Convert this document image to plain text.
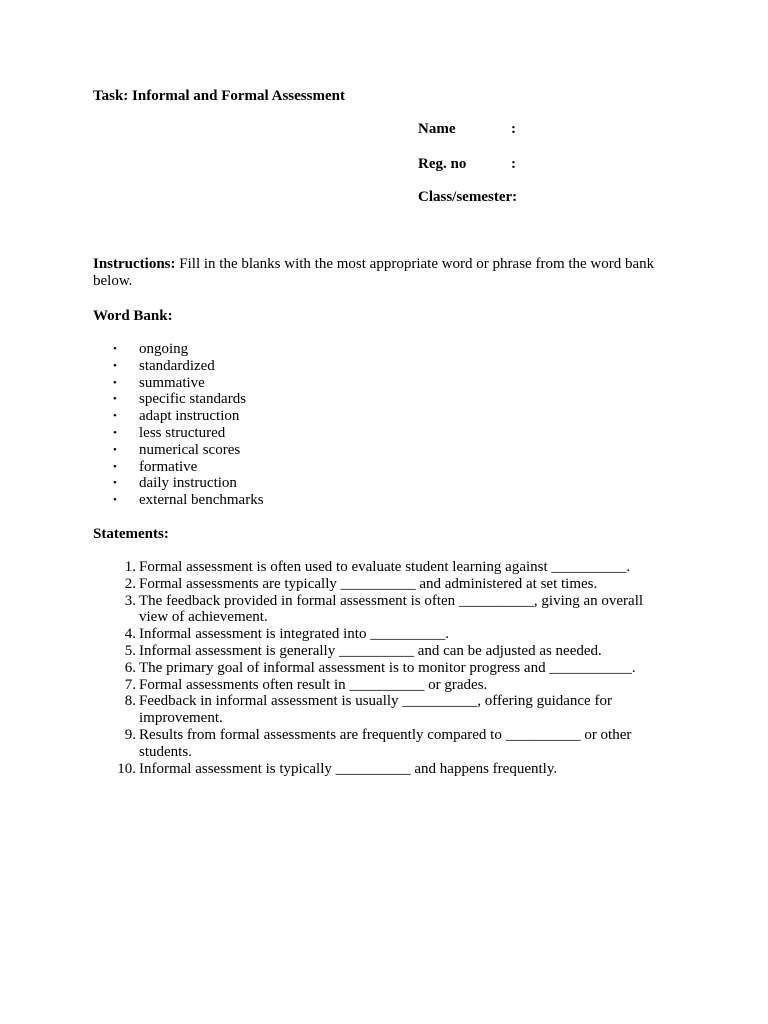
Task: Informal and Formal Assessment
Name	:
Reg. no	:
Class/semester:
Instructions: Fill in the blanks with the most appropriate word or phrase from the word bank below.
Word Bank:
• ongoing
• standardized
• summative
• specific standards
• adapt instruction
• less structured
• numerical scores
• formative
• daily instruction
• external benchmarks
Statements:
1. Formal assessment is often used to evaluate student learning against __________.
2. Formal assessments are typically __________ and administered at set times.
3. The feedback provided in formal assessment is often __________, giving an overall view of achievement.
4. Informal assessment is integrated into __________.
5. Informal assessment is generally __________ and can be adjusted as needed.
6. The primary goal of informal assessment is to monitor progress and ___________.
7. Formal assessments often result in __________ or grades.
8. Feedback in informal assessment is usually __________, offering guidance for improvement.
9. Results from formal assessments are frequently compared to __________ or other students.
10. Informal assessment is typically __________ and happens frequently.
